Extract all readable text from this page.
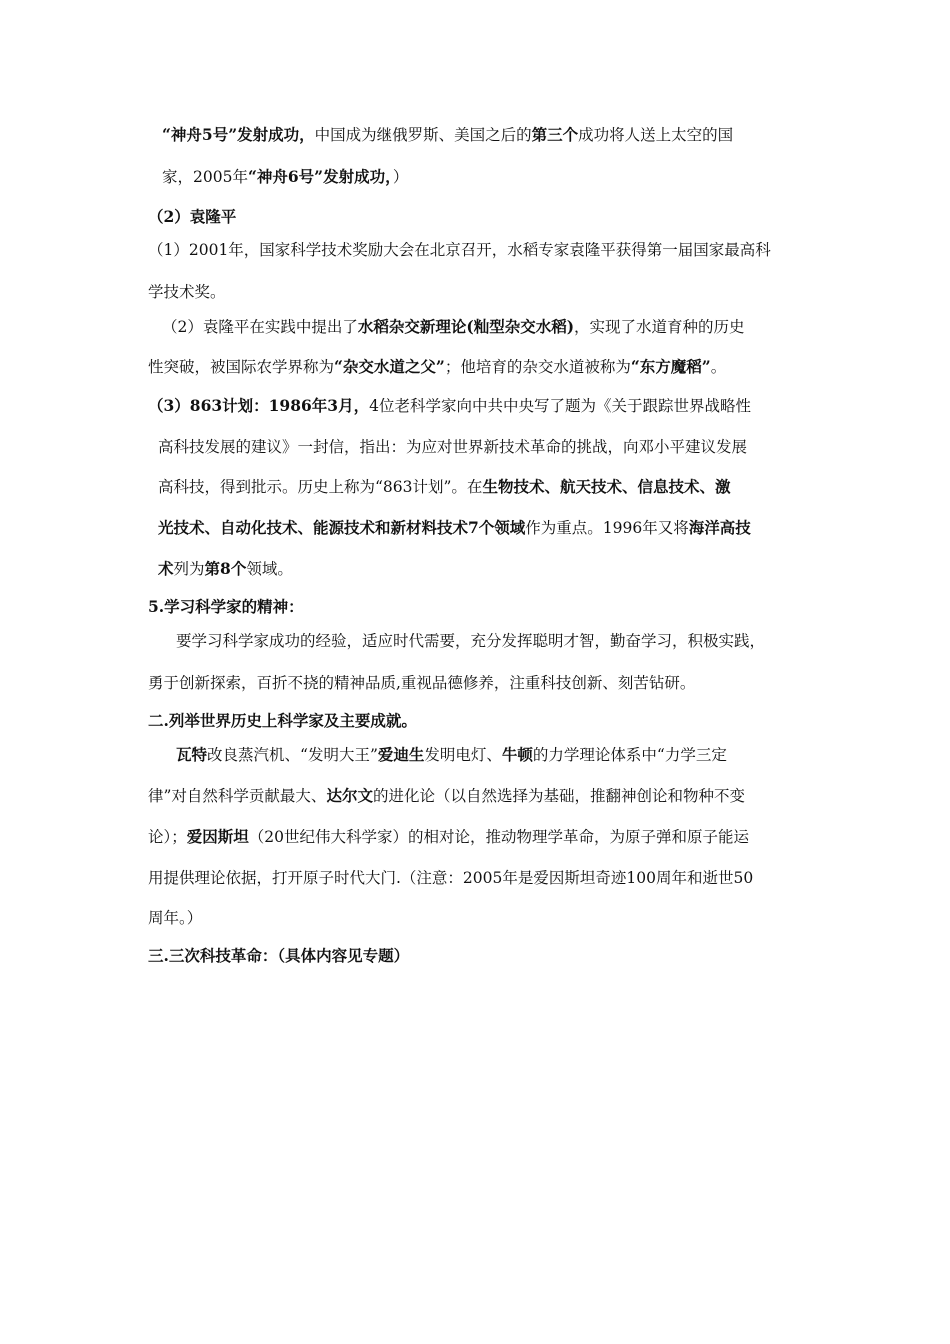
“神舟5号”发射成功，中国成为继俄罗斯、美国之后的第三个成功将人送上太空的国
家，2005年“神舟6号”发射成功，）
（2）袁隆平
（1）2001年，国家科学技术奖励大会在北京召开，水稻专家袁隆平获得第一届国家最高科
学技术奖。
（2）袁隆平在实践中提出了水稻杂交新理论(籼型杂交水稻)，实现了水道育种的历史
性突破，被国际农学界称为“杂交水道之父”；他培育的杂交水道被称为“东方魔稻”。
（3）863计划：1986年3月，4位老科学家向中共中央写了题为《关于跟踪世界战略性
高科技发展的建议》一封信，指出：为应对世界新技术革命的挑战，向邓小平建议发展
高科技，得到批示。历史上称为“863计划”。在生物技术、航天技术、信息技术、激
光技术、自动化技术、能源技术和新材料技术7个领域作为重点。1996年又将海洋高技
术列为第8个领域。
5.学习科学家的精神：
要学习科学家成功的经验，适应时代需要，充分发挥聪明才智，勤奋学习，积极实践，
勇于创新探索，百折不挠的精神品质,重视品德修养，注重科技创新、刻苦钻研。
二.列举世界历史上科学家及主要成就。
瓦特改良蒸汽机、“发明大王”爱迪生发明电灯、牛顿的力学理论体系中“力学三定
律”对自然科学贡献最大、达尔文的进化论（以自然选择为基础，推翻神创论和物种不变
论）；爱因斯坦（20世纪伟大科学家）的相对论，推动物理学革命，为原子弹和原子能运
用提供理论依据，打开原子时代大门.（注意：2005年是爱因斯坦奇迹100周年和逝世50
周年。）
三.三次科技革命：（具体内容见专题）
